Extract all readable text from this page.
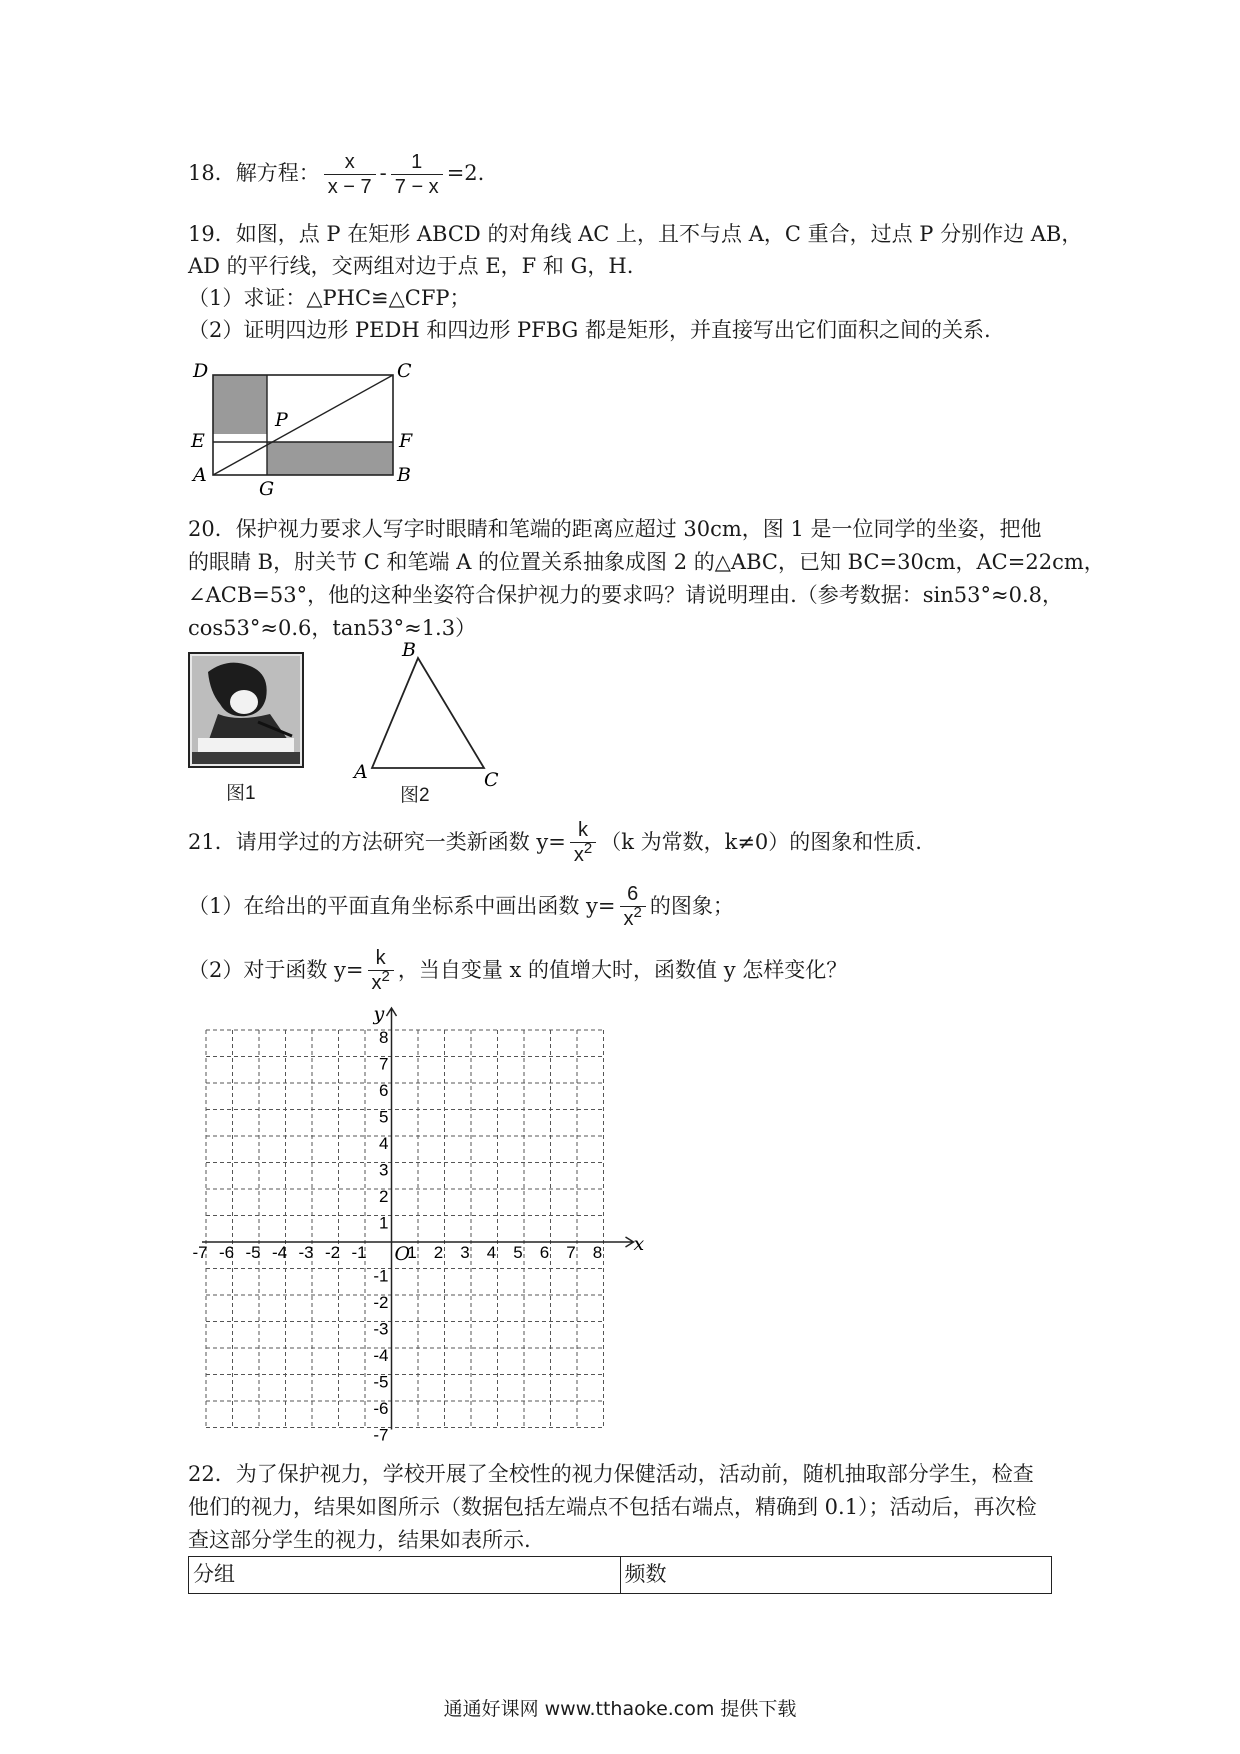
18．解方程： $\frac{x}{x - 7} - \frac{1}{7 - x} =2$.
19．如图，点 P 在矩形 ABCD 的对角线 AC 上，且不与点 A，C 重合，过点 P 分别作边 AB，
AD 的平行线，交两组对边于点 E，F 和 G，H.
（1）求证：△PHC≌△CFP；
（2）证明四边形 PEDH 和四边形 PFBG 都是矩形，并直接写出它们面积之间的关系.
D	C
E
P
F
A
G
B
20．保护视力要求人写字时眼睛和笔端的距离应超过 30cm，图 1 是一位同学的坐姿，把他
的眼睛 B，肘关节 C 和笔端 A 的位置关系抽象成图 2 的△ABC，已知 BC=30cm，AC=22cm，
∠ACB=53°，他的这种坐姿符合保护视力的要求吗？请说明理由.（参考数据：sin53°≈0.8，
cos53°≈0.6，tan53°≈1.3）
图1
A
B
C
图2
21．请用学过的方法研究一类新函数 $y= \frac{k}{x^2} (k$ 为常数，k≠0）的图象和性质.
（1）在给出的平面直角坐标系中画出函数 $y= \frac{6}{x^2}$ 的图象；
（2）对于函数 $y= \frac{k}{x^2}$ ，当自变量 x 的值增大时，函数值 y 怎样变化？
-7 -6 -5 -4 -3 -2 -1 1 2 3 4 5 6 7 8
8
7
6
5
4
3
2
1
-1
-2
-3
-4
-5
-6
-7
x
y
O
22．为了保护视力，学校开展了全校性的视力保健活动，活动前，随机抽取部分学生，检查
他们的视力，结果如图所示（数据包括左端点不包括右端点，精确到 0.1）；活动后，再次检
查这部分学生的视力，结果如表所示.
分组	频数
通通好课网 www.tthaoke.com 提供下载
